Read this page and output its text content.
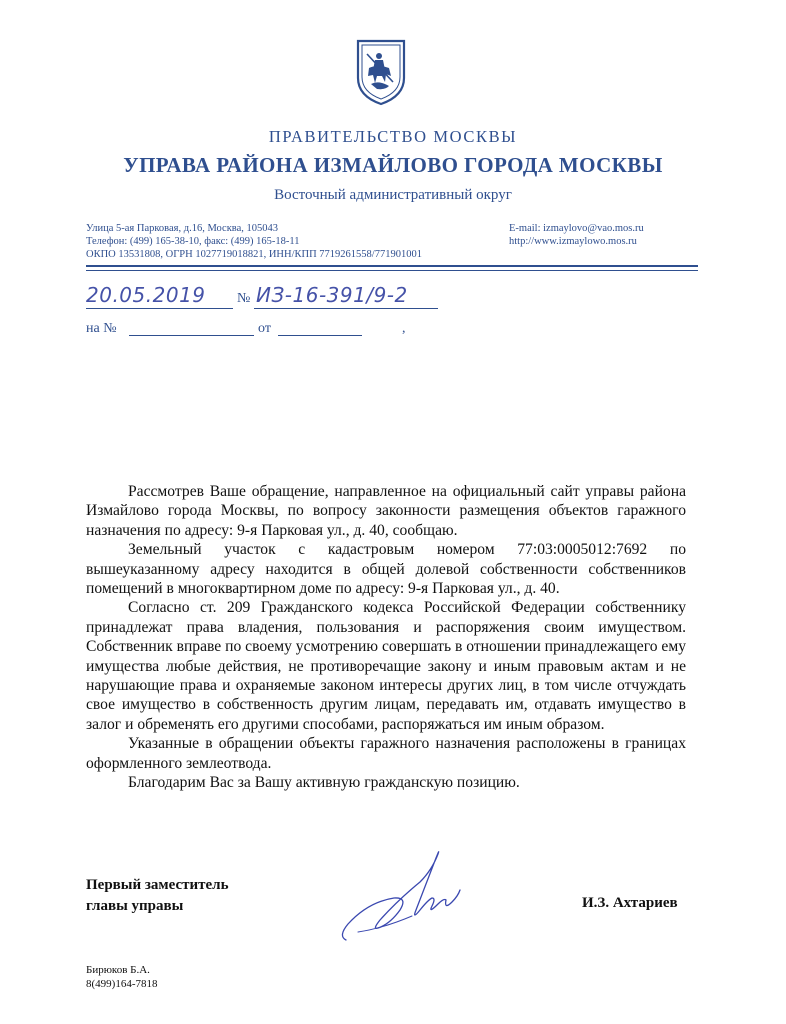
ПРАВИТЕЛЬСТВО МОСКВЫ
УПРАВА РАЙОНА ИЗМАЙЛОВО ГОРОДА МОСКВЫ
Восточный административный округ
Улица 5-ая Парковая, д.16, Москва, 105043
Телефон: (499) 165-38-10, факс: (499) 165-18-11
ОКПО 13531808, ОГРН 1027719018821, ИНН/КПП 7719261558/771901001
E-mail: izmaylovo@vao.mos.ru
http://www.izmaylowo.mos.ru
20.05.2019 № ИЗ-16-391/9-2
на №	от	,

Рассмотрев Ваше обращение, направленное на официальный сайт управы района Измайлово города Москвы, по вопросу законности размещения объектов гаражного назначения по адресу: 9-я Парковая ул., д. 40, сообщаю.

Земельный участок с кадастровым номером 77:03:0005012:7692 по вышеуказанному адресу находится в общей долевой собственности собственников помещений в многоквартирном доме по адресу: 9-я Парковая ул., д. 40.

Согласно ст. 209 Гражданского кодекса Российской Федерации собственнику принадлежат права владения, пользования и распоряжения своим имуществом. Собственник вправе по своему усмотрению совершать в отношении принадлежащего ему имущества любые действия, не противоречащие закону и иным правовым актам и не нарушающие права и охраняемые законом интересы других лиц, в том числе отчуждать свое имущество в собственность другим лицам, передавать им, отдавать имущество в залог и обременять его другими способами, распоряжаться им иным образом.

Указанные в обращении объекты гаражного назначения расположены в границах оформленного землеотвода.

Благодарим Вас за Вашу активную гражданскую позицию.

Первый заместитель
главы управы	И.З. Ахтариев
Бирюков Б.А.
8(499)164-7818
